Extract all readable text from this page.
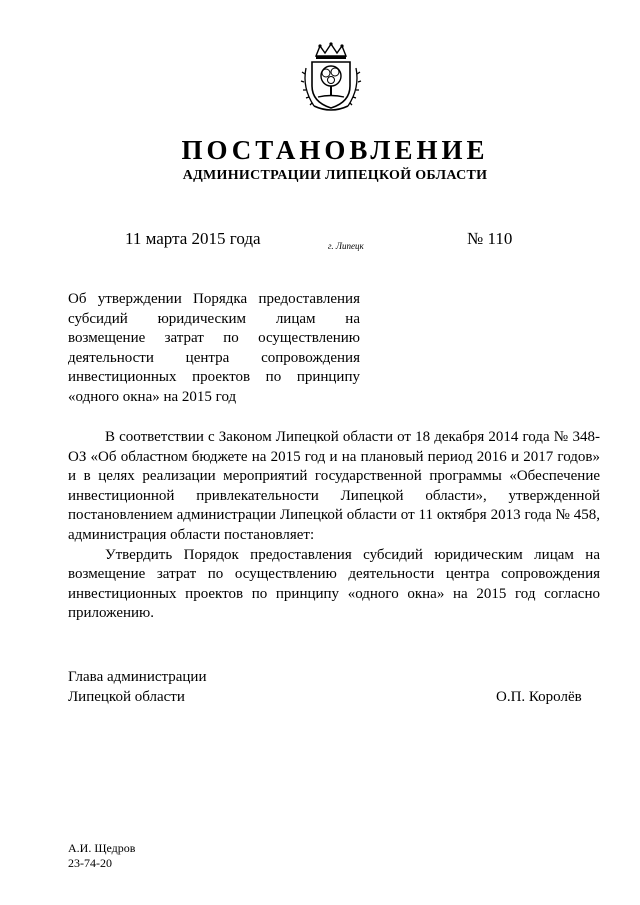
ПОСТАНОВЛЕНИЕ
АДМИНИСТРАЦИИ ЛИПЕЦКОЙ ОБЛАСТИ
11 марта 2015 года	г. Липецк	№ 110
Об утверждении Порядка предоставления субсидий юридическим лицам на возмещение затрат по осуществлению деятельности центра сопровождения инвестиционных проектов по принципу «одного окна» на 2015 год

В соответствии с Законом Липецкой области от 18 декабря 2014 года № 348-ОЗ «Об областном бюджете на 2015 год и на плановый период 2016 и 2017 годов» и в целях реализации мероприятий государственной программы «Обеспечение инвестиционной привлекательности Липецкой области», утвержденной постановлением администрации Липецкой области от 11 октября 2013 года № 458, администрация области постановляет:

Утвердить Порядок предоставления субсидий юридическим лицам на возмещение затрат по осуществлению деятельности центра сопровождения инвестиционных проектов по принципу «одного окна» на 2015 год согласно приложению.

Глава администрации
Липецкой области	О.П. Королёв
А.И. Щедров
23-74-20
